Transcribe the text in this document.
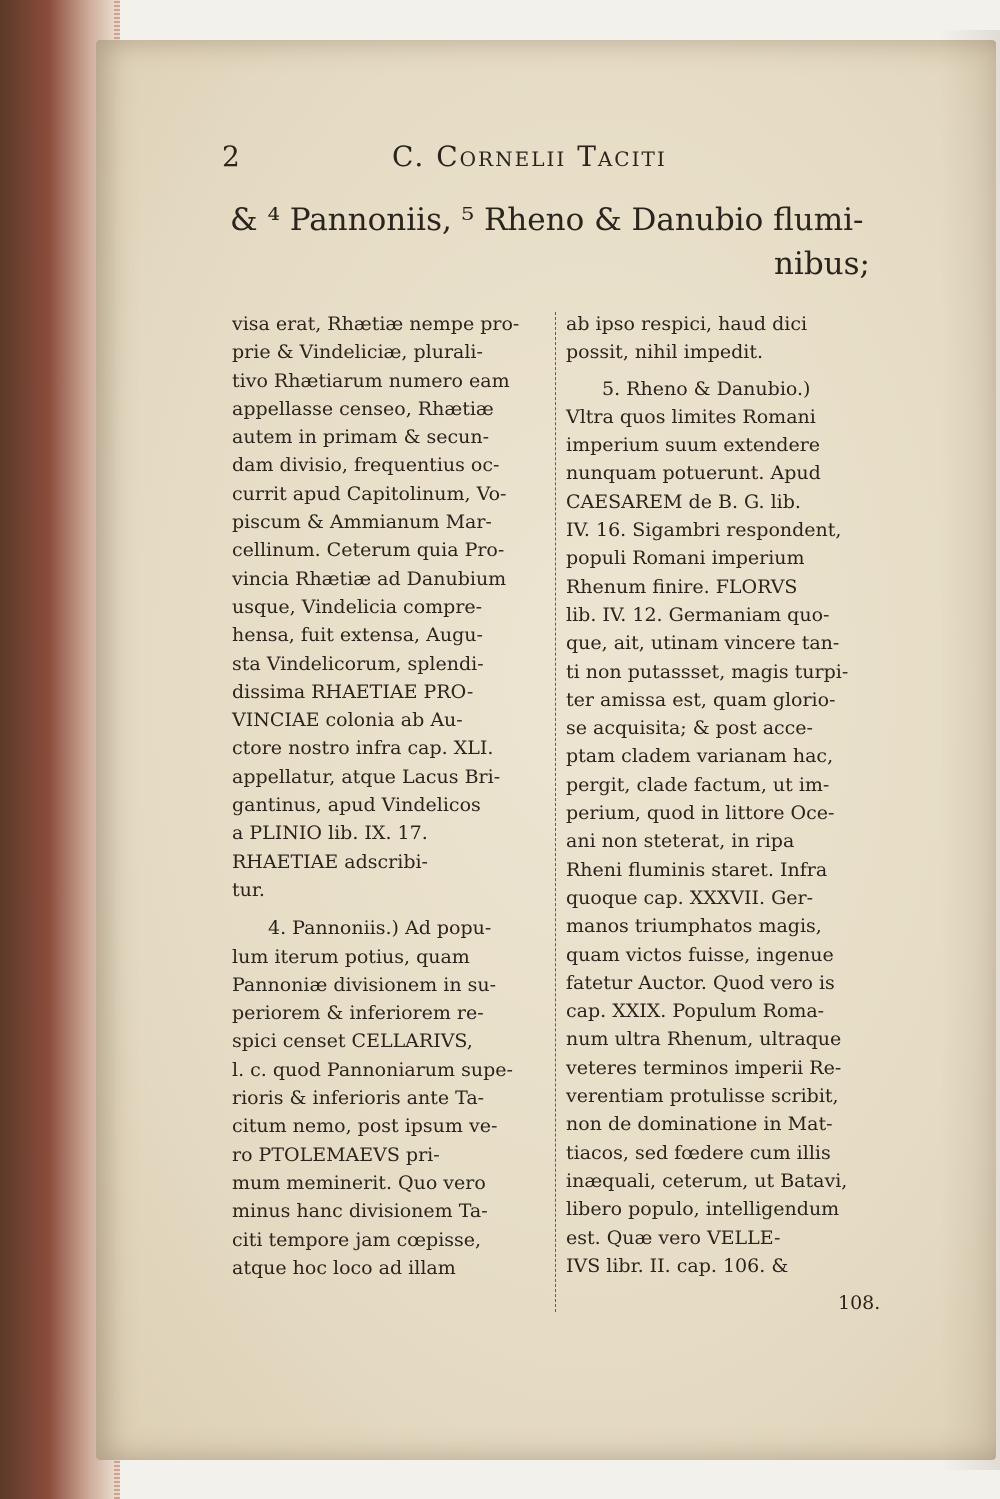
2	C. Cornelii Taciti
& ⁴ Pannoniis, ⁵ Rheno & Danubio flumi-
nibus;
visa erat, Rhætiæ nempe pro-
prie & Vindeliciæ, plurali-
tivo Rhætiarum numero eam
appellasse censeo, Rhætiæ
autem in primam & secun-
dam divisio, frequentius oc-
currit apud Capitolinum, Vo-
piscum & Ammianum Mar-
cellinum. Ceterum quia Pro-
vincia Rhætiæ ad Danubium
usque, Vindelicia compre-
hensa, fuit extensa, Augu-
sta Vindelicorum, splendi-
dissima RHAETIAE PRO-
VINCIAE colonia ab Au-
ctore nostro infra cap. XLI.
appellatur, atque Lacus Bri-
gantinus, apud Vindelicos
a PLINIO lib. IX. 17.
RHAETIAE adscribi-
tur.
4. Pannoniis.) Ad popu-
lum iterum potius, quam
Pannoniæ divisionem in su-
periorem & inferiorem re-
spici censet CELLARIVS,
l. c. quod Pannoniarum supe-
rioris & inferioris ante Ta-
citum nemo, post ipsum ve-
ro PTOLEMAEVS pri-
mum meminerit. Quo vero
minus hanc divisionem Ta-
citi tempore jam cœpisse,
atque hoc loco ad illam
ab ipso respici, haud dici
possit, nihil impedit.
5. Rheno & Danubio.)
Vltra quos limites Romani
imperium suum extendere
nunquam potuerunt. Apud
CAESAREM de B. G. lib.
IV. 16. Sigambri respondent,
populi Romani imperium
Rhenum finire. FLORVS
lib. IV. 12. Germaniam quo-
que, ait, utinam vincere tan-
ti non putassset, magis turpi-
ter amissa est, quam glorio-
se acquisita; & post acce-
ptam cladem varianam hac,
pergit, clade factum, ut im-
perium, quod in littore Oce-
ani non steterat, in ripa
Rheni fluminis staret. Infra
quoque cap. XXXVII. Ger-
manos triumphatos magis,
quam victos fuisse, ingenue
fatetur Auctor. Quod vero is
cap. XXIX. Populum Roma-
num ultra Rhenum, ultraque
veteres terminos imperii Re-
verentiam protulisse scribit,
non de dominatione in Mat-
tiacos, sed fœdere cum illis
inæquali, ceterum, ut Batavi,
libero populo, intelligendum
est. Quæ vero VELLE-
IVS libr. II. cap. 106. &
108.
